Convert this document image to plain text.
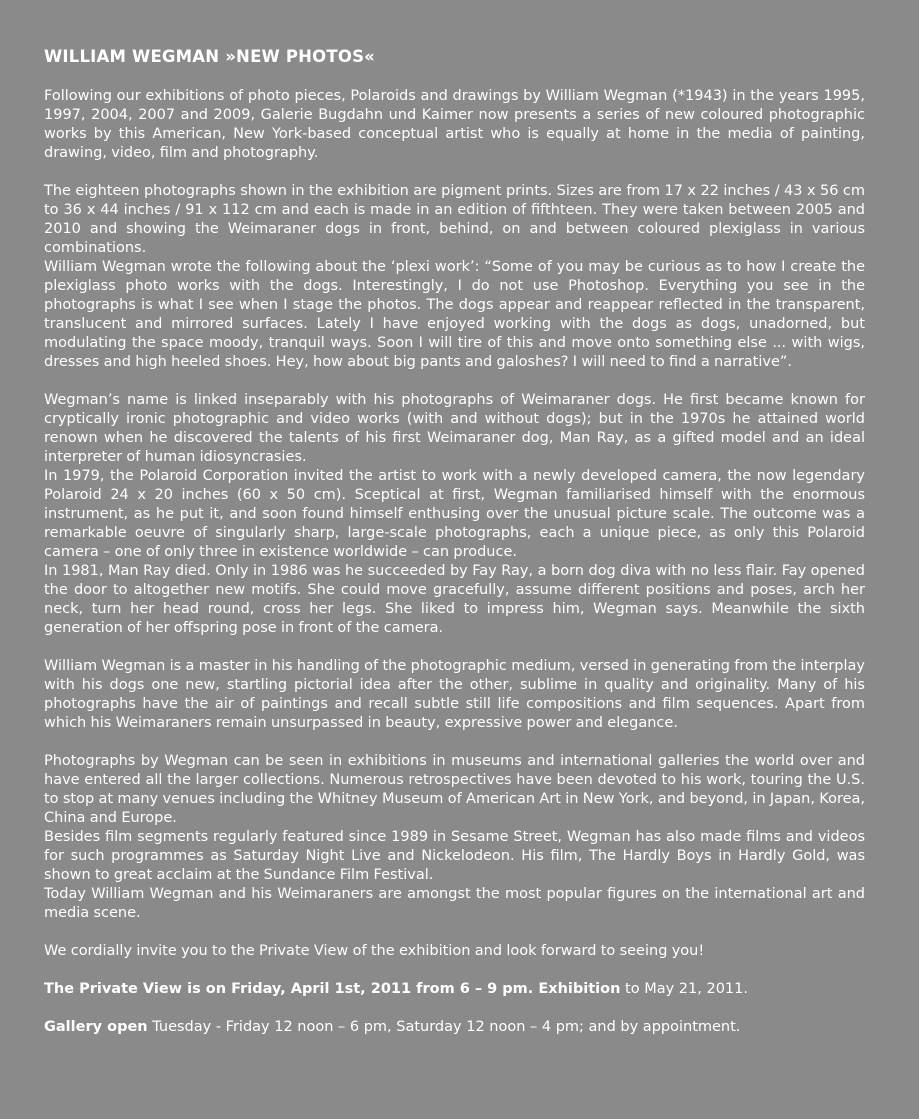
WILLIAM WEGMAN »NEW PHOTOS«

Following our exhibitions of photo pieces, Polaroids and drawings by William Wegman (*1943) in the years 1995, 1997, 2004, 2007 and 2009, Galerie Bugdahn und Kaimer now presents a series of new coloured photographic works by this American, New York-based conceptual artist who is equally at home in the media of painting, drawing, video, film and photography.

The eighteen photographs shown in the exhibition are pigment prints. Sizes are from 17 x 22 inches / 43 x 56 cm to 36 x 44 inches / 91 x 112 cm and each is made in an edition of fifthteen. They were taken between 2005 and 2010 and showing the Weimaraner dogs in front, behind, on and between coloured plexiglass in various combinations.

William Wegman wrote the following about the ‘plexi work’: “Some of you may be curious as to how I create the plexiglass photo works with the dogs. Interestingly, I do not use Photoshop. Everything you see in the photographs is what I see when I stage the photos. The dogs appear and reappear reflected in the transparent, translucent and mirrored surfaces. Lately I have enjoyed working with the dogs as dogs, unadorned, but modulating the space moody, tranquil ways. Soon I will tire of this and move onto something else ... with wigs, dresses and high heeled shoes. Hey, how about big pants and galoshes? I will need to find a narrative”.

Wegman’s name is linked inseparably with his photographs of Weimaraner dogs. He first became known for cryptically ironic photographic and video works (with and without dogs); but in the 1970s he attained world renown when he discovered the talents of his first Weimaraner dog, Man Ray, as a gifted model and an ideal interpreter of human idiosyncrasies.

In 1979, the Polaroid Corporation invited the artist to work with a newly developed camera, the now legendary Polaroid 24 x 20 inches (60 x 50 cm). Sceptical at first, Wegman familiarised himself with the enormous instrument, as he put it, and soon found himself enthusing over the unusual picture scale. The outcome was a remarkable oeuvre of singularly sharp, large-scale photographs, each a unique piece, as only this Polaroid camera – one of only three in existence worldwide – can produce.

In 1981, Man Ray died. Only in 1986 was he succeeded by Fay Ray, a born dog diva with no less flair. Fay opened the door to altogether new motifs. She could move gracefully, assume different positions and poses, arch her neck, turn her head round, cross her legs. She liked to impress him, Wegman says. Meanwhile the sixth generation of her offspring pose in front of the camera.

William Wegman is a master in his handling of the photographic medium, versed in generating from the interplay with his dogs one new, startling pictorial idea after the other, sublime in quality and originality. Many of his photographs have the air of paintings and recall subtle still life compositions and film sequences. Apart from which his Weimaraners remain unsurpassed in beauty, expressive power and elegance.

Photographs by Wegman can be seen in exhibitions in museums and international galleries the world over and have entered all the larger collections. Numerous retrospectives have been devoted to his work, touring the U.S. to stop at many venues including the Whitney Museum of American Art in New York, and beyond, in Japan, Korea, China and Europe.

Besides film segments regularly featured since 1989 in Sesame Street, Wegman has also made films and videos for such programmes as Saturday Night Live and Nickelodeon. His film, The Hardly Boys in Hardly Gold, was shown to great acclaim at the Sundance Film Festival.

Today William Wegman and his Weimaraners are amongst the most popular figures on the international art and media scene.

We cordially invite you to the Private View of the exhibition and look forward to seeing you!

The Private View is on Friday, April 1st, 2011 from 6 – 9 pm. Exhibition to May 21, 2011.

Gallery open Tuesday - Friday 12 noon – 6 pm, Saturday 12 noon – 4 pm; and by appointment.
